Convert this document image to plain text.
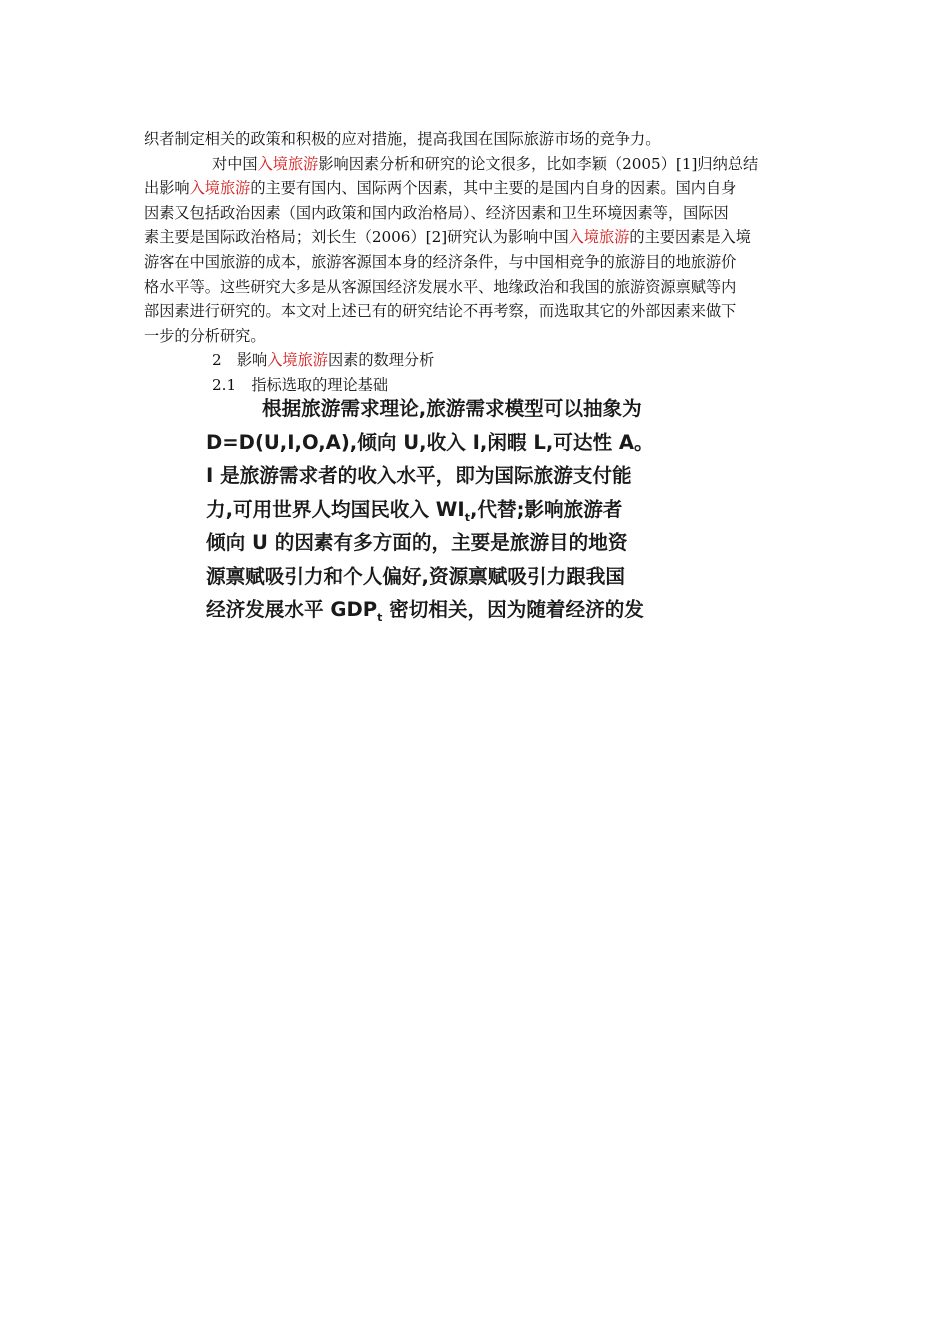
织者制定相关的政策和积极的应对措施，提高我国在国际旅游市场的竞争力。
对中国入境旅游影响因素分析和研究的论文很多，比如李颖（2005）[1]归纳总结
出影响入境旅游的主要有国内、国际两个因素，其中主要的是国内自身的因素。国内自身
因素又包括政治因素（国内政策和国内政治格局）、经济因素和卫生环境因素等，国际因
素主要是国际政治格局；刘长生（2006）[2]研究认为影响中国入境旅游的主要因素是入境
游客在中国旅游的成本，旅游客源国本身的经济条件，与中国相竞争的旅游目的地旅游价
格水平等。这些研究大多是从客源国经济发展水平、地缘政治和我国的旅游资源禀赋等内
部因素进行研究的。本文对上述已有的研究结论不再考察，而选取其它的外部因素来做下
一步的分析研究。
2　影响入境旅游因素的数理分析
2.1　指标选取的理论基础
根据旅游需求理论,旅游需求模型可以抽象为
D=D(U,I,O,A),倾向 U,收入 I,闲暇 L,可达性 A。
I 是旅游需求者的收入水平，即为国际旅游支付能
力,可用世界人均国民收入 $WI_t$,代替;影响旅游者
倾向 U 的因素有多方面的，主要是旅游目的地资
源禀赋吸引力和个人偏好,资源禀赋吸引力跟我国
经济发展水平 $GDP_t$ 密切相关，因为随着经济的发
